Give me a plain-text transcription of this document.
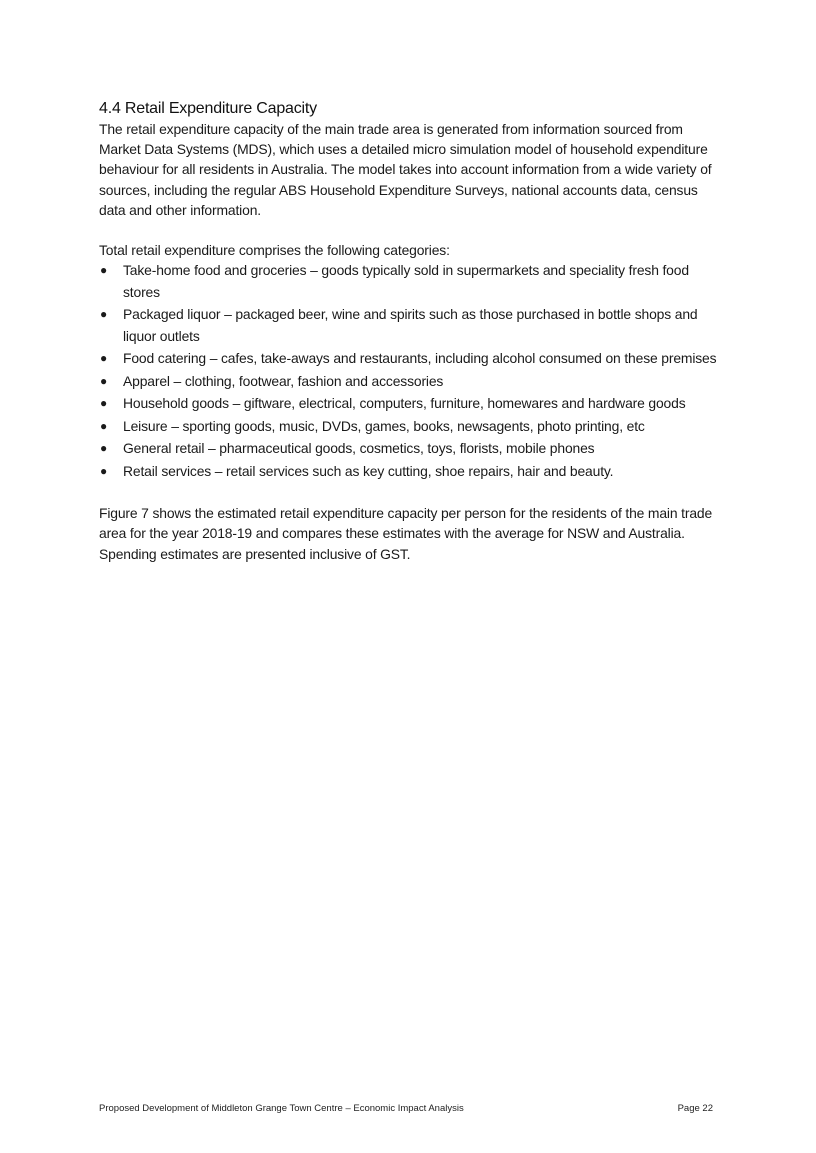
4.4 Retail Expenditure Capacity

The retail expenditure capacity of the main trade area is generated from information sourced from Market Data Systems (MDS), which uses a detailed micro simulation model of household expenditure behaviour for all residents in Australia. The model takes into account information from a wide variety of sources, including the regular ABS Household Expenditure Surveys, national accounts data, census data and other information.

Total retail expenditure comprises the following categories:

● Take-home food and groceries – goods typically sold in supermarkets and speciality fresh food stores
● Packaged liquor – packaged beer, wine and spirits such as those purchased in bottle shops and liquor outlets
● Food catering – cafes, take-aways and restaurants, including alcohol consumed on these premises
● Apparel – clothing, footwear, fashion and accessories
● Household goods – giftware, electrical, computers, furniture, homewares and hardware goods
● Leisure – sporting goods, music, DVDs, games, books, newsagents, photo printing, etc
● General retail – pharmaceutical goods, cosmetics, toys, florists, mobile phones
● Retail services – retail services such as key cutting, shoe repairs, hair and beauty.

Figure 7 shows the estimated retail expenditure capacity per person for the residents of the main trade area for the year 2018-19 and compares these estimates with the average for NSW and Australia. Spending estimates are presented inclusive of GST.

Proposed Development of Middleton Grange Town Centre – Economic Impact Analysis	Page 22
